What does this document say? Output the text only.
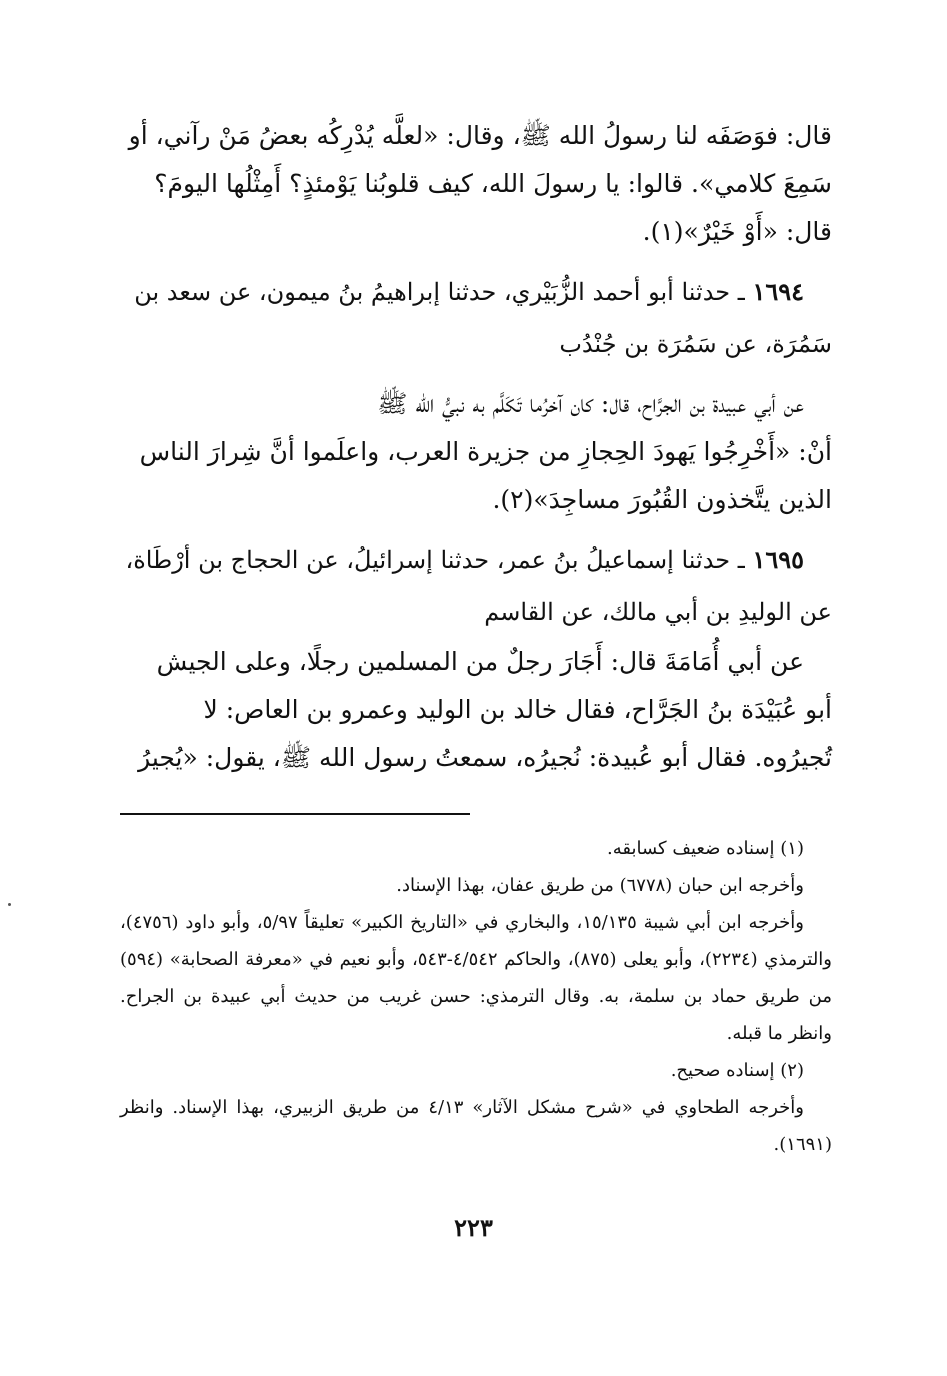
قال: فوَصَفَه لنا رسولُ الله ﷺ، وقال: «لعلَّه يُدْرِكُه بعضُ مَنْ رآني، أو
سَمِعَ كلامي». قالوا: يا رسولَ الله، كيف قلوبُنا يَوْمئذٍ؟ أَمِثْلُها اليومَ؟
قال: «أَوْ خَيْرٌ»(١).

١٦٩٤ ـ حدثنا أبو أحمد الزُّبَيْري، حدثنا إبراهيمُ بنُ ميمون، عن سعد بن
سَمُرَة، عن سَمُرَة بن جُنْدُب

عن أبي عبيدة بن الجرَّاح، قال: كان آخرُما تَكَلَّم به نبيُّ الله ﷺ
أنْ: «أَخْرِجُوا يَهودَ الحِجازِ من جزيرة العرب، واعلَموا أنَّ شِرارَ الناس
الذين يتَّخذون القُبُورَ مساجِدَ»(٢).

١٦٩٥ ـ حدثنا إسماعيلُ بنُ عمر، حدثنا إسرائيلُ، عن الحجاج بن أرْطَاة،
عن الوليدِ بن أبي مالك، عن القاسم

عن أبي أُمَامَةَ قال: أَجَارَ رجلٌ من المسلمين رجلًا، وعلى الجيش
أبو عُبَيْدَة بنُ الجَرَّاح، فقال خالد بن الوليد وعمرو بن العاص: لا
تُجيرُوه. فقال أبو عُبيدة: نُجيرُه، سمعتُ رسول الله ﷺ، يقول: «يُجيرُ

(١) إسناده ضعيف كسابقه.

وأخرجه ابن حبان (٦٧٧٨) من طريق عفان، بهذا الإسناد.

وأخرجه ابن أبي شيبة ١٥/١٣٥، والبخاري في «التاريخ الكبير» تعليقاً ٥/٩٧، وأبو داود (٤٧٥٦)، والترمذي (٢٢٣٤)، وأبو يعلى (٨٧٥)، والحاكم ٤/٥٤٢-٥٤٣، وأبو نعيم في «معرفة الصحابة» (٥٩٤) من طريق حماد بن سلمة، به. وقال الترمذي: حسن غريب من حديث أبي عبيدة بن الجراح. وانظر ما قبله.

(٢) إسناده صحيح.

وأخرجه الطحاوي في «شرح مشكل الآثار» ٤/١٣ من طريق الزبيري، بهذا الإسناد. وانظر (١٦٩١).

٢٢٣
